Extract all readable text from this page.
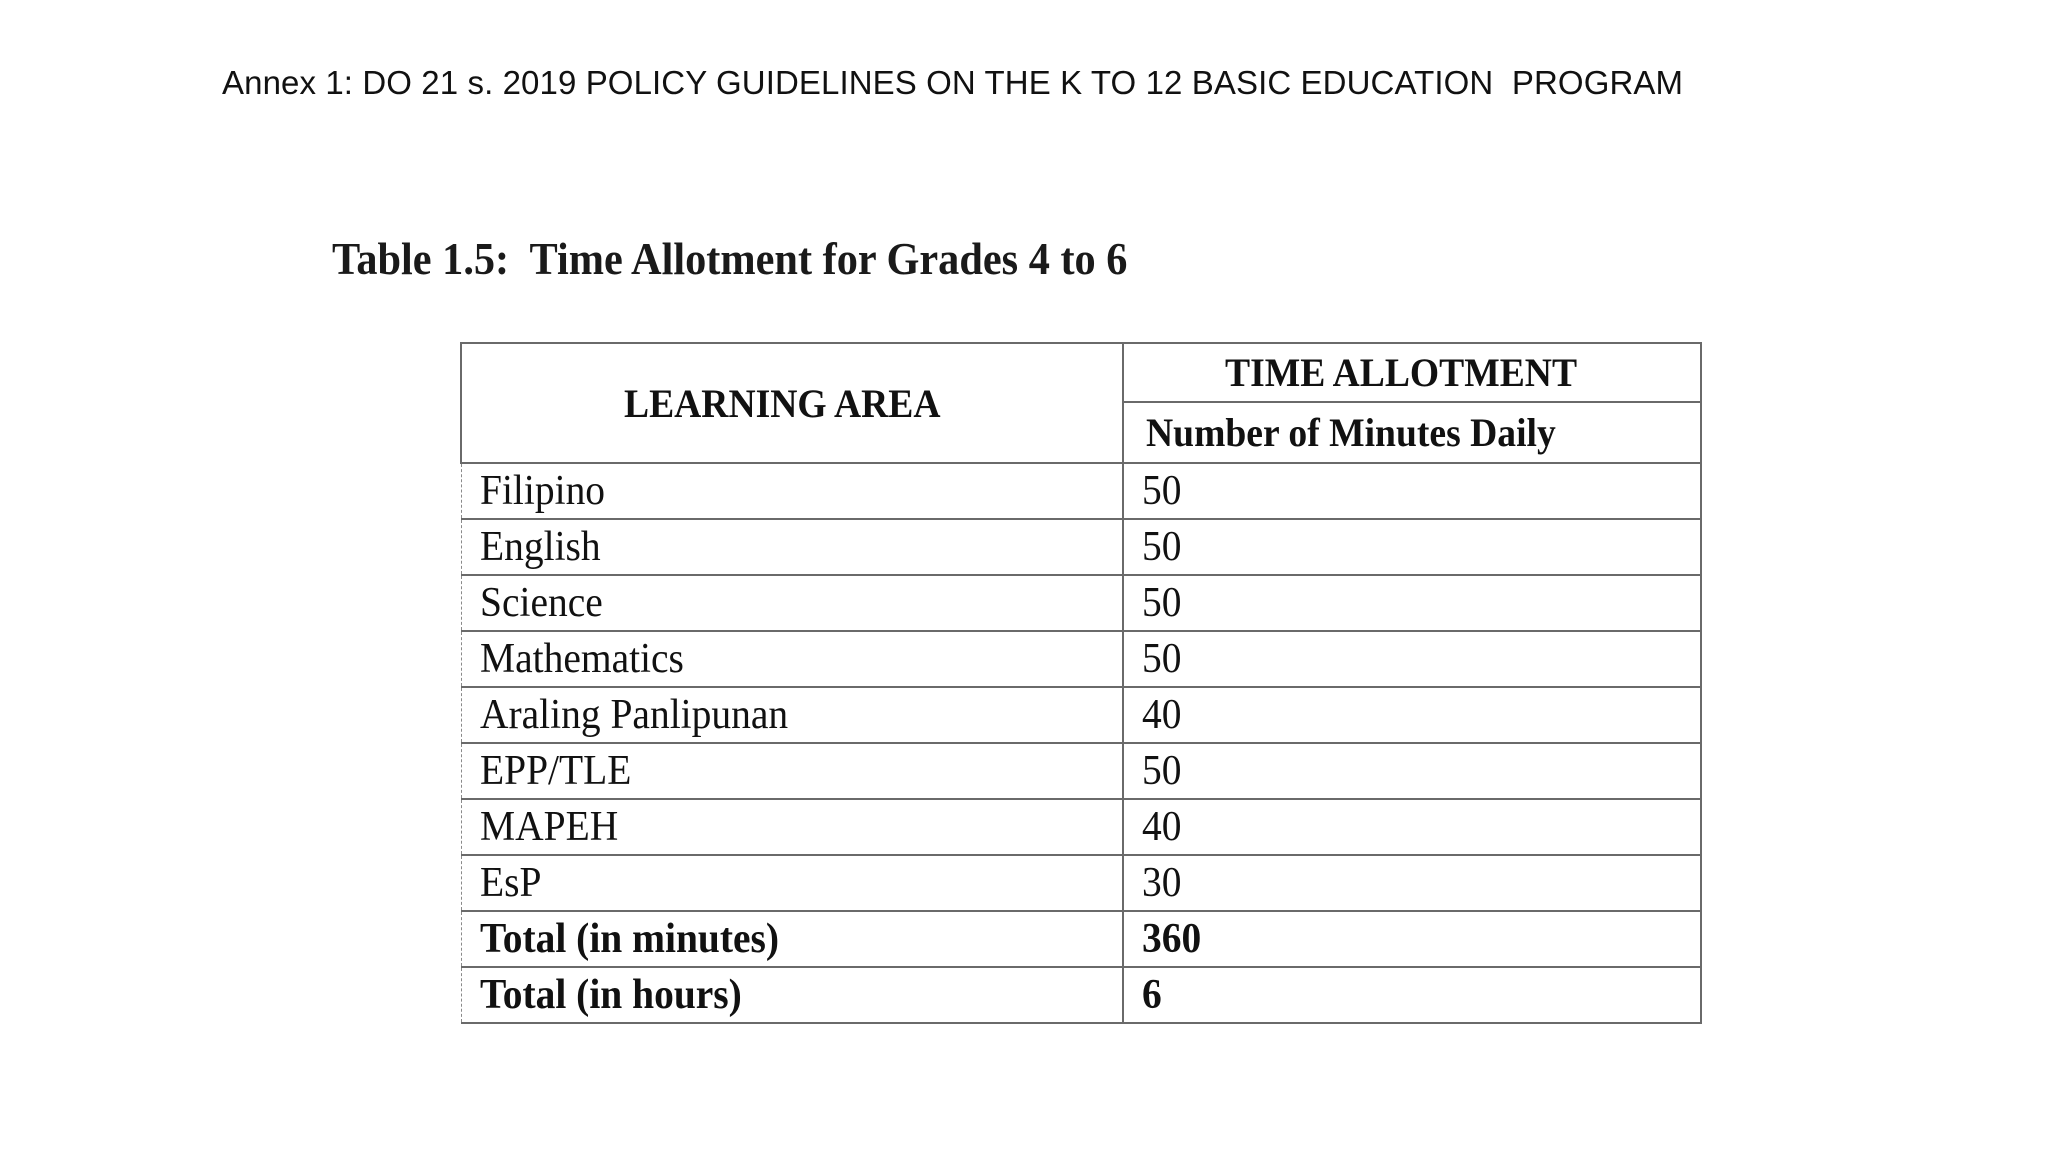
Annex 1: DO 21 s. 2019 POLICY GUIDELINES ON THE K TO 12 BASIC EDUCATION  PROGRAM
Table 1.5:  Time Allotment for Grades 4 to 6
LEARNING AREA	TIME ALLOTMENT
	Number of Minutes Daily
Filipino	50
English	50
Science	50
Mathematics	50
Araling Panlipunan	40
EPP/TLE	50
MAPEH	40
EsP	30
Total (in minutes)	360
Total (in hours)	6
